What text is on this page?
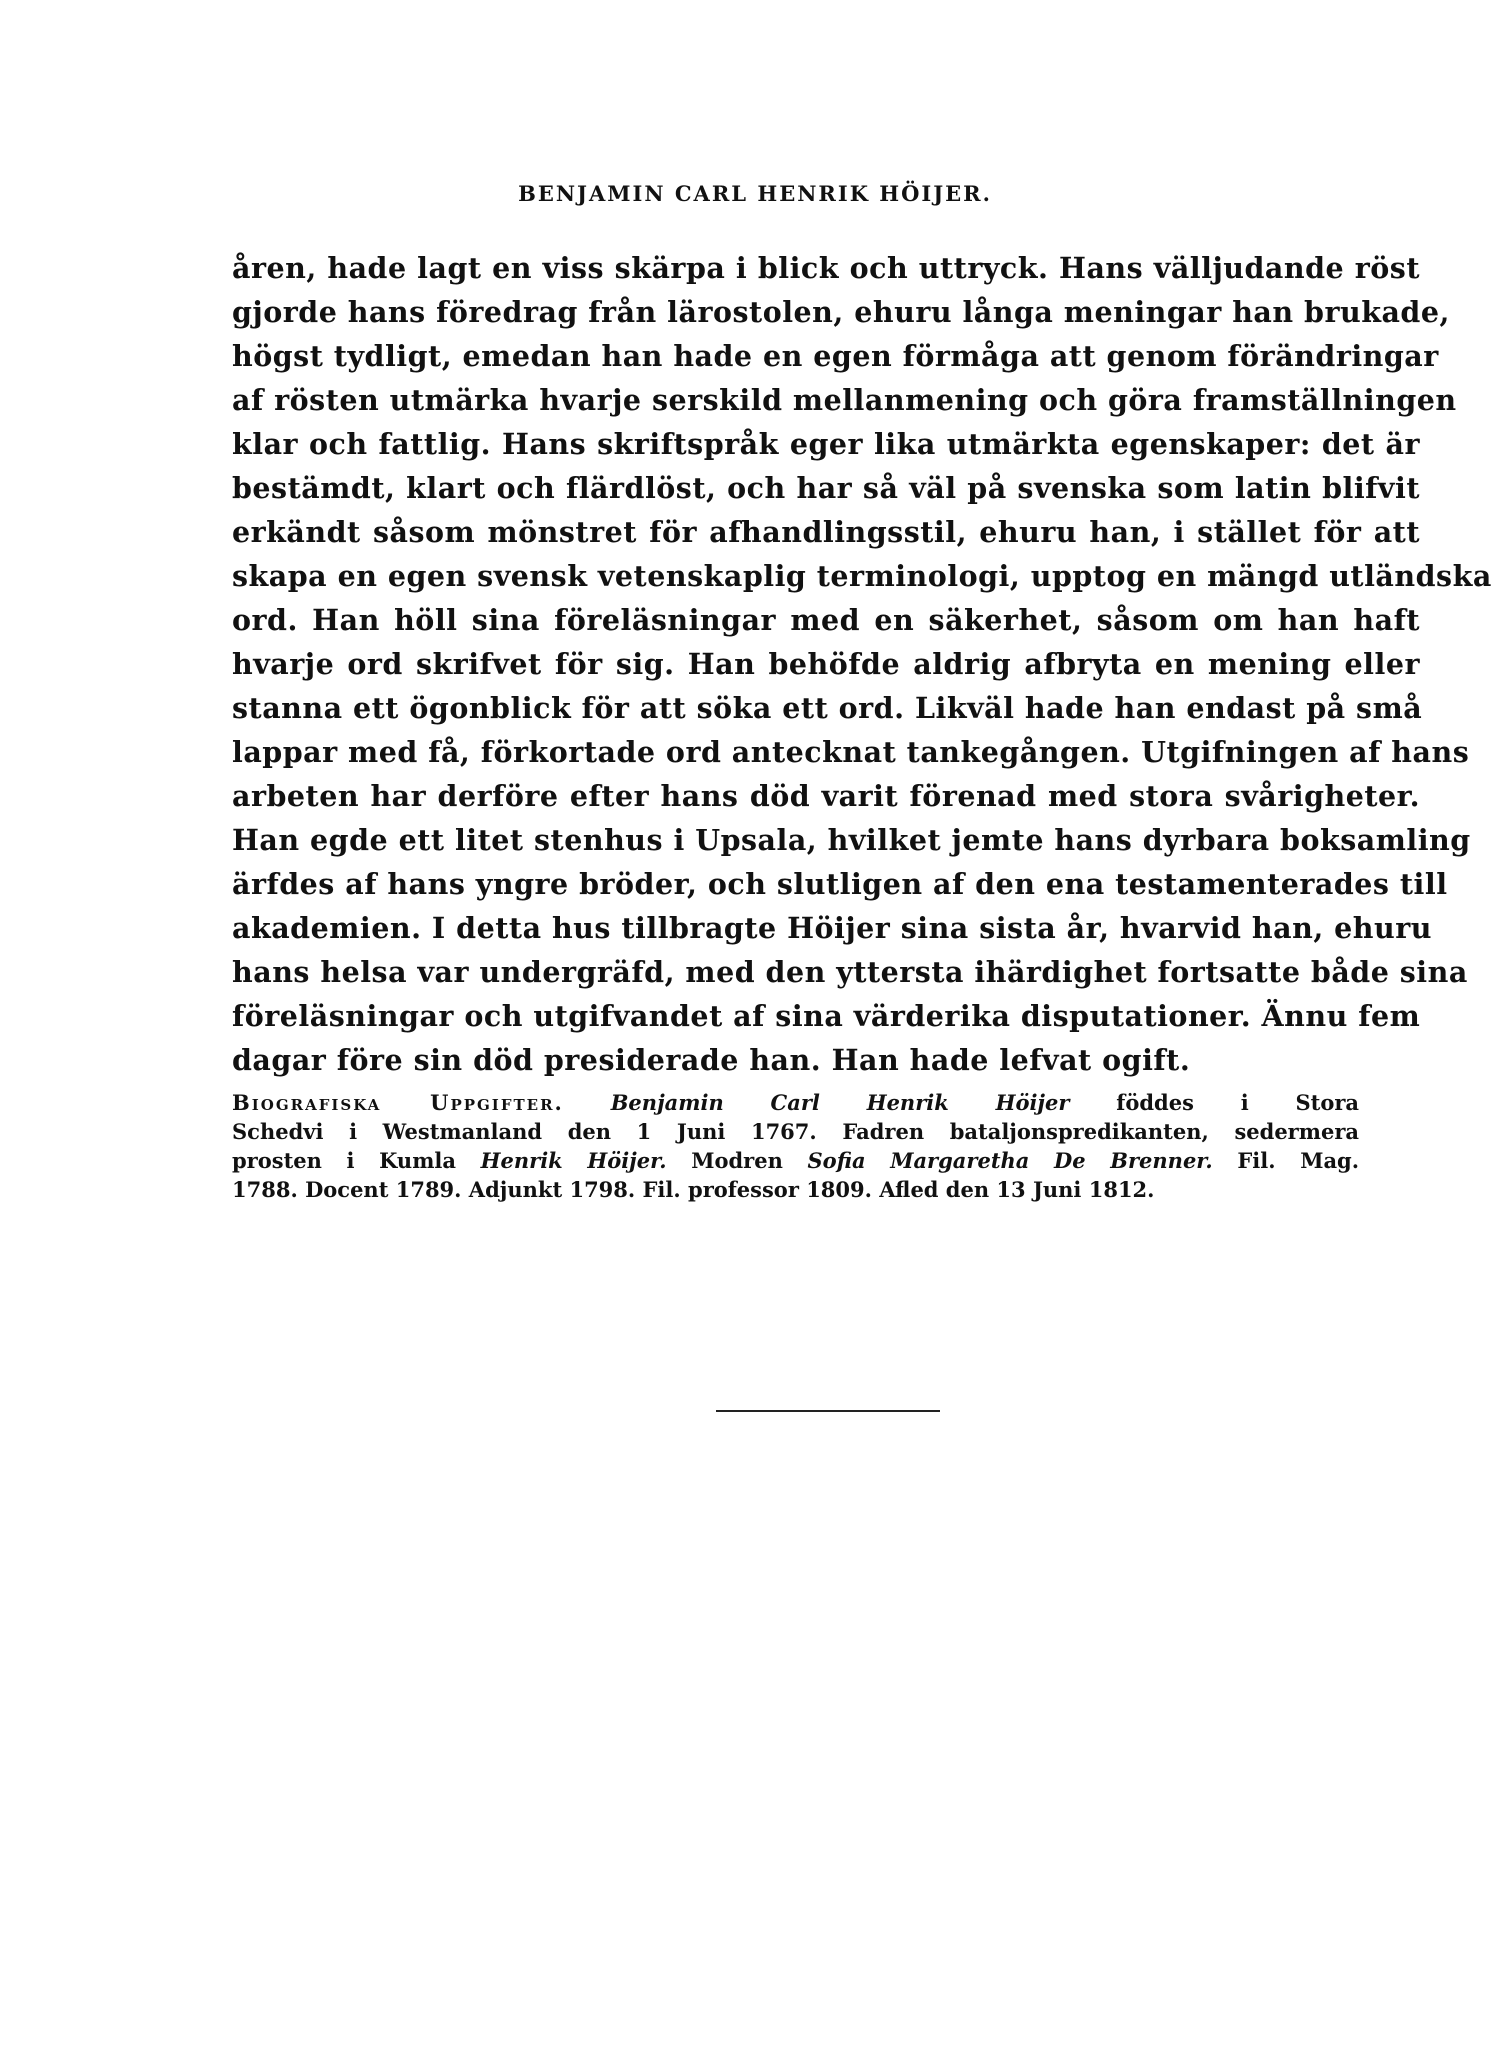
BENJAMIN CARL HENRIK HÖIJER.
åren, hade lagt en viss skärpa i blick och uttryck. Hans välljudande röst
gjorde hans föredrag från lärostolen, ehuru långa meningar han brukade,
högst tydligt, emedan han hade en egen förmåga att genom förändringar
af rösten utmärka hvarje serskild mellanmening och göra framställningen
klar och fattlig. Hans skriftspråk eger lika utmärkta egenskaper: det är
bestämdt, klart och flärdlöst, och har så väl på svenska som latin blifvit
erkändt såsom mönstret för afhandlingsstil, ehuru han, i stället för att
skapa en egen svensk vetenskaplig terminologi, upptog en mängd utländska
ord. Han höll sina föreläsningar med en säkerhet, såsom om han haft
hvarje ord skrifvet för sig. Han behöfde aldrig afbryta en mening eller
stanna ett ögonblick för att söka ett ord. Likväl hade han endast på små
lappar med få, förkortade ord antecknat tankegången. Utgifningen af hans
arbeten har derföre efter hans död varit förenad med stora svårigheter.
Han egde ett litet stenhus i Upsala, hvilket jemte hans dyrbara boksamling
ärfdes af hans yngre bröder, och slutligen af den ena testamenterades till
akademien. I detta hus tillbragte Höijer sina sista år, hvarvid han, ehuru
hans helsa var undergräfd, med den yttersta ihärdighet fortsatte både sina
föreläsningar och utgifvandet af sina värderika disputationer. Ännu fem
dagar före sin död presiderade han. Han hade lefvat ogift.
Biografiska Uppgifter. Benjamin Carl Henrik Höijer föddes i Stora
Schedvi i Westmanland den 1 Juni 1767. Fadren bataljonspredikanten, sedermera
prosten i Kumla Henrik Höijer. Modren Sofia Margaretha De Brenner. Fil. Mag.
1788. Docent 1789. Adjunkt 1798. Fil. professor 1809. Afled den 13 Juni 1812.
